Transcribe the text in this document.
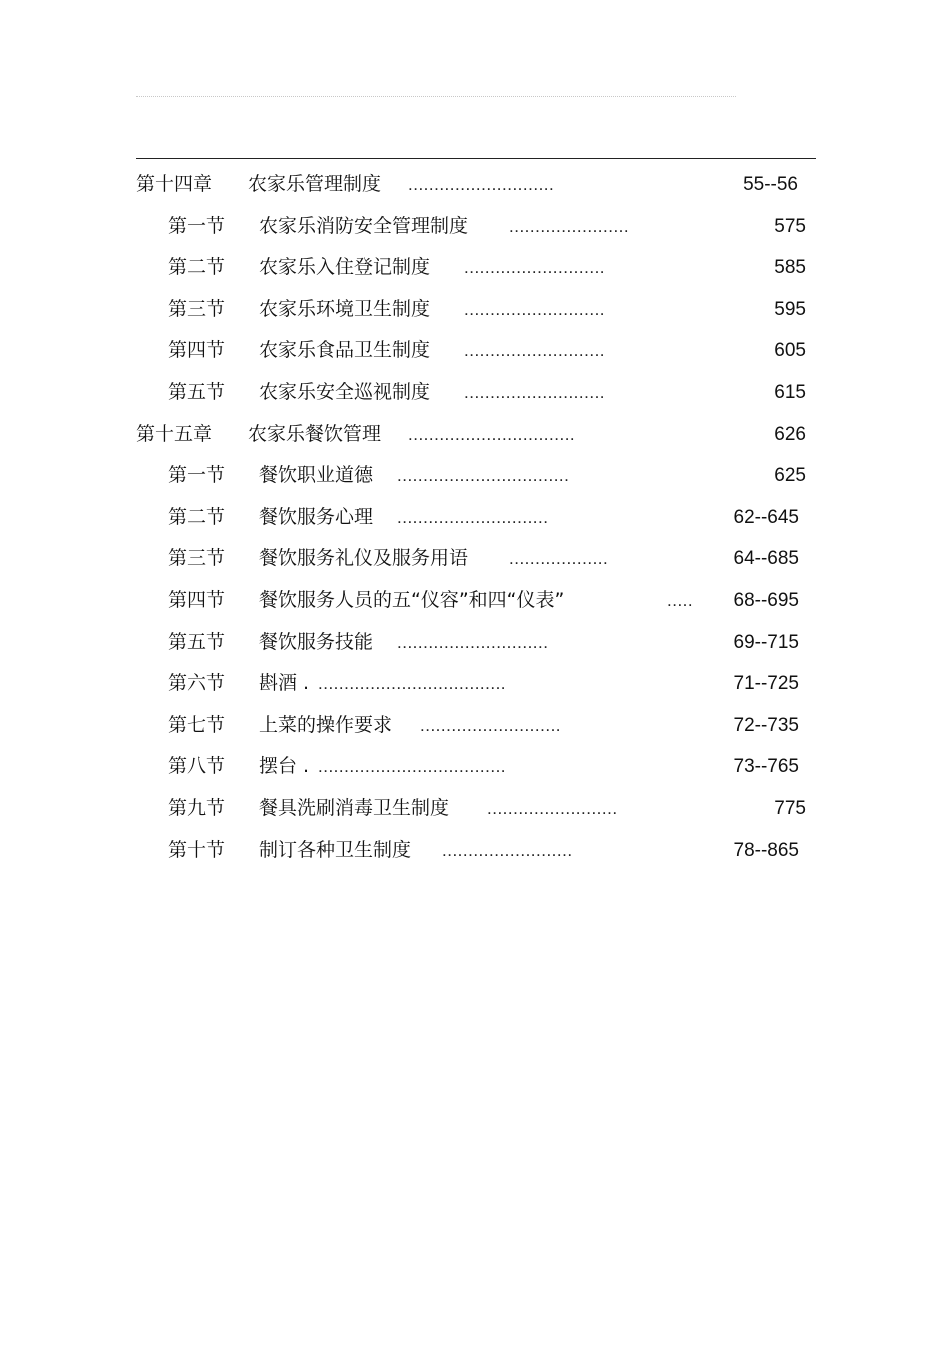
第十四章 农家乐管理制度 ............................	55--56
第一节 农家乐消防安全管理制度 .......................	575
第二节 农家乐入住登记制度 ...........................	585
第三节 农家乐环境卫生制度 ...........................	595
第四节 农家乐食品卫生制度 ...........................	605
第五节 农家乐安全巡视制度 ...........................	615
第十五章 农家乐餐饮管理 ................................	626
第一节 餐饮职业道德 .................................	625
第二节 餐饮服务心理 .............................	62--645
第三节 餐饮服务礼仪及服务用语 ...................	64--685
第四节 餐饮服务人员的五“仪容”和四“仪表”	..... 68--695
第五节 餐饮服务技能 .............................	69--715
第六节 斟酒 . ....................................	71--725
第七节 上菜的操作要求 ...........................	72--735
第八节 摆台 . ....................................	73--765
第九节 餐具洗刷消毒卫生制度 .........................	775
第十节 制订各种卫生制度 .........................	78--865
